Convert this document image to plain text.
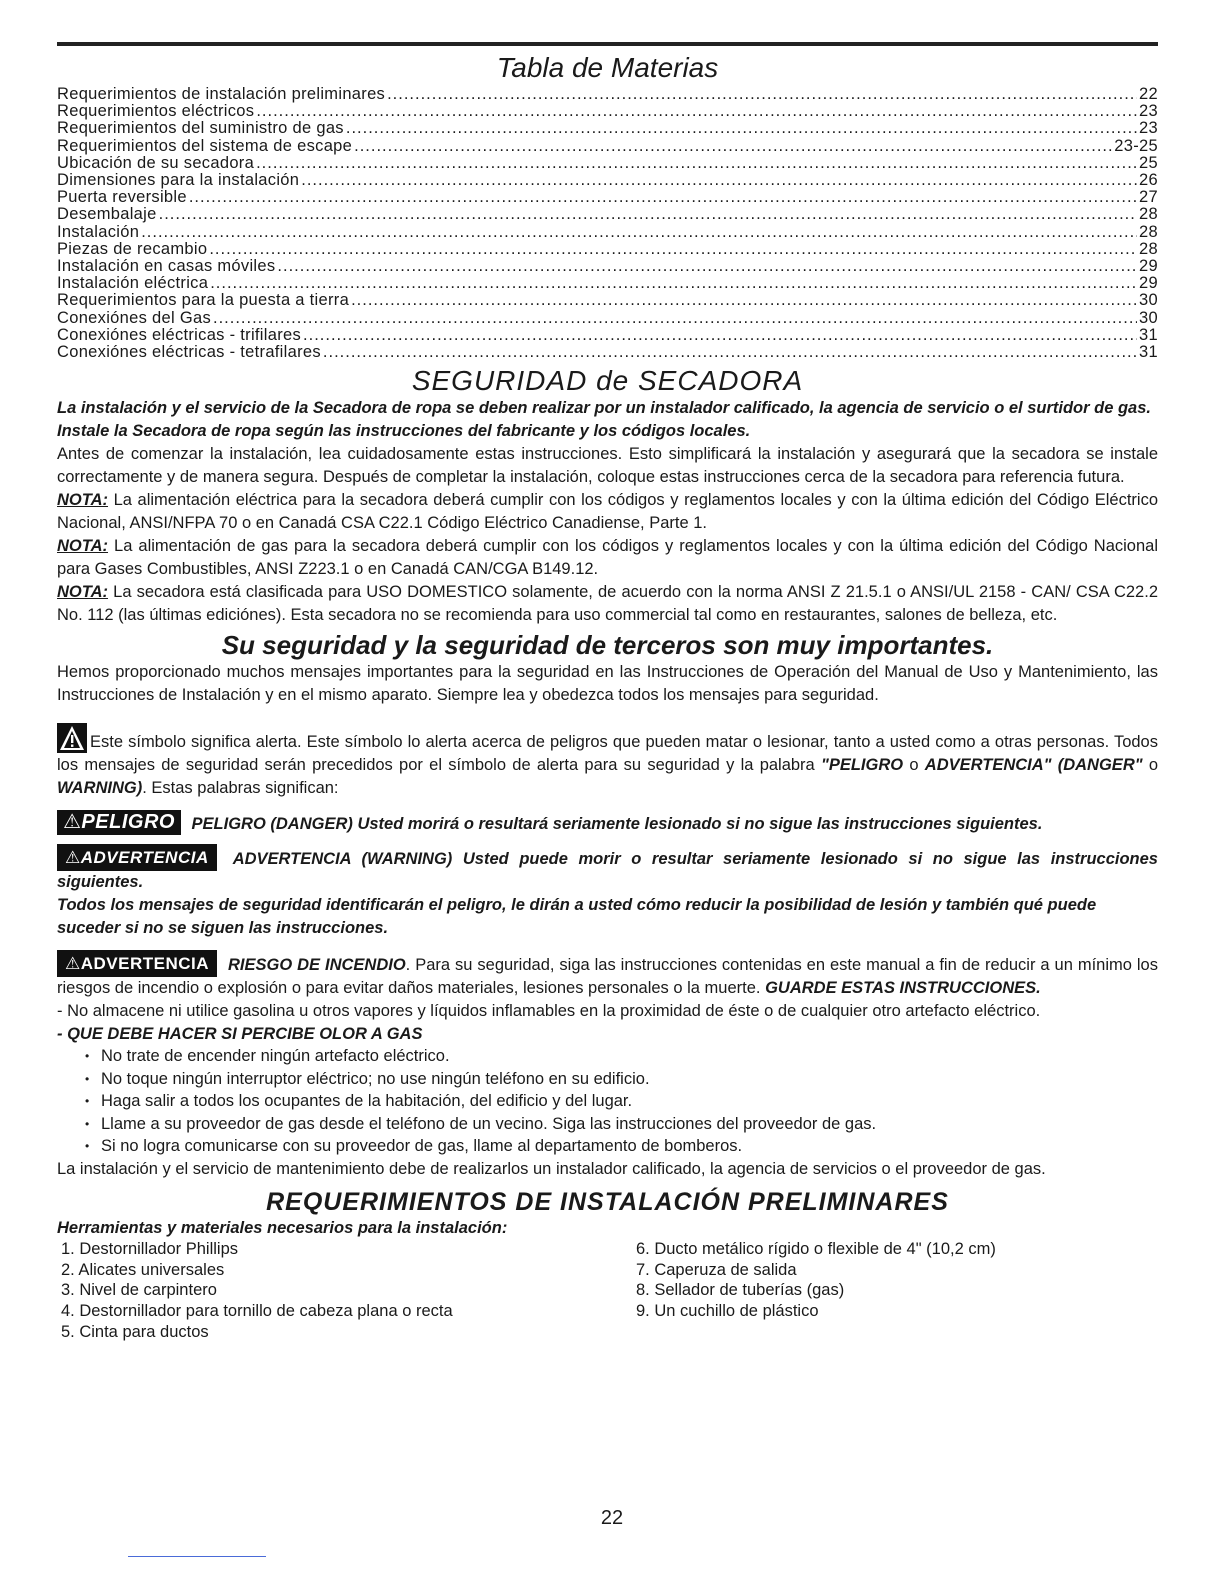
Tabla de Materias
Requerimientos de instalación preliminares .....	22
Requerimientos eléctricos .....	23
Requerimientos del suministro de gas .....	23
Requerimientos del sistema de escape .....	23-25
Ubicación de su secadora .....	25
Dimensiones para la instalación .....	26
Puerta reversible .....	27
Desembalaje .....	28
Instalación .....	28
Piezas de recambio .....	28
Instalación en casas móviles .....	29
Instalación eléctrica .....	29
Requerimientos para la puesta a tierra .....	30
Conexiónes del Gas .....	30
Conexiónes eléctricas - trifilares .....	31
Conexiónes eléctricas - tetrafilares .....	31
SEGURIDAD de SECADORA

La instalación y el servicio de la Secadora de ropa se deben realizar por un instalador calificado, la agencia de servicio o el surtidor de gas.

Instale la Secadora de ropa según las instrucciones del fabricante y los códigos locales.

Antes de comenzar la instalación, lea cuidadosamente estas instrucciones. Esto simplificará la instalación y asegurará que la secadora se instale correctamente y de manera segura. Después de completar la instalación, coloque estas instrucciones cerca de la secadora para referencia futura.

NOTA: La alimentación eléctrica para la secadora deberá cumplir con los códigos y reglamentos locales y con la última edición del Código Eléctrico Nacional, ANSI/NFPA 70 o en Canadá CSA C22.1 Código Eléctrico Canadiense, Parte 1.

NOTA: La alimentación de gas para la secadora deberá cumplir con los códigos y reglamentos locales y con la última edición del Código Nacional para Gases Combustibles, ANSI Z223.1 o en Canadá CAN/CGA B149.12.

NOTA: La secadora está clasificada para USO DOMESTICO solamente, de acuerdo con la norma ANSI Z 21.5.1 o ANSI/UL 2158 - CAN/ CSA C22.2 No. 112 (las últimas ediciónes). Esta secadora no se recomienda para uso commercial tal como en restaurantes, salones de belleza, etc.

Su seguridad y la seguridad de terceros son muy importantes.

Hemos proporcionado muchos mensajes importantes para la seguridad en las Instrucciones de Operación del Manual de Uso y Mantenimiento, las Instrucciones de Instalación y en el mismo aparato. Siempre lea y obedezca todos los mensajes para seguridad.

Este símbolo significa alerta. Este símbolo lo alerta acerca de peligros que pueden matar o lesionar, tanto a usted como a otras personas. Todos los mensajes de seguridad serán precedidos por el símbolo de alerta para su seguridad y la palabra "PELIGRO o ADVERTENCIA" (DANGER" o WARNING). Estas palabras significan:

⚠PELIGRO PELIGRO (DANGER) Usted morirá o resultará seriamente lesionado si no sigue las instrucciones siguientes.

⚠ADVERTENCIA ADVERTENCIA (WARNING) Usted puede morir o resultar seriamente lesionado si no sigue las instrucciones siguientes.

Todos los mensajes de seguridad identificarán el peligro, le dirán a usted cómo reducir la posibilidad de lesión y también qué puede suceder si no se siguen las instrucciones.

⚠ADVERTENCIA RIESGO DE INCENDIO. Para su seguridad, siga las instrucciones contenidas en este manual a fin de reducir a un mínimo los riesgos de incendio o explosión o para evitar daños materiales, lesiones personales o la muerte. GUARDE ESTAS INSTRUCCIONES.

- No almacene ni utilice gasolina u otros vapores y líquidos inflamables en la proximidad de éste o de cualquier otro artefacto eléctrico.
- QUE DEBE HACER SI PERCIBE OLOR A GAS
• No trate de encender ningún artefacto eléctrico.
• No toque ningún interruptor eléctrico; no use ningún teléfono en su edificio.
• Haga salir a todos los ocupantes de la habitación, del edificio y del lugar.
• Llame a su proveedor de gas desde el teléfono de un vecino. Siga las instrucciones del proveedor de gas.
• Si no logra comunicarse con su proveedor de gas, llame al departamento de bomberos.

La instalación y el servicio de mantenimiento debe de realizarlos un instalador calificado, la agencia de servicios o el proveedor de gas.

REQUERIMIENTOS DE INSTALACIÓN PRELIMINARES

Herramientas y materiales necesarios para la instalación:

1. Destornillador Phillips
2. Alicates universales
3. Nivel de carpintero
4. Destornillador para tornillo de cabeza plana o recta
5. Cinta para ductos
6. Ducto metálico rígido o flexible de 4" (10,2 cm)
7. Caperuza de salida
8. Sellador de tuberías (gas)
9. Un cuchillo de plástico
22
